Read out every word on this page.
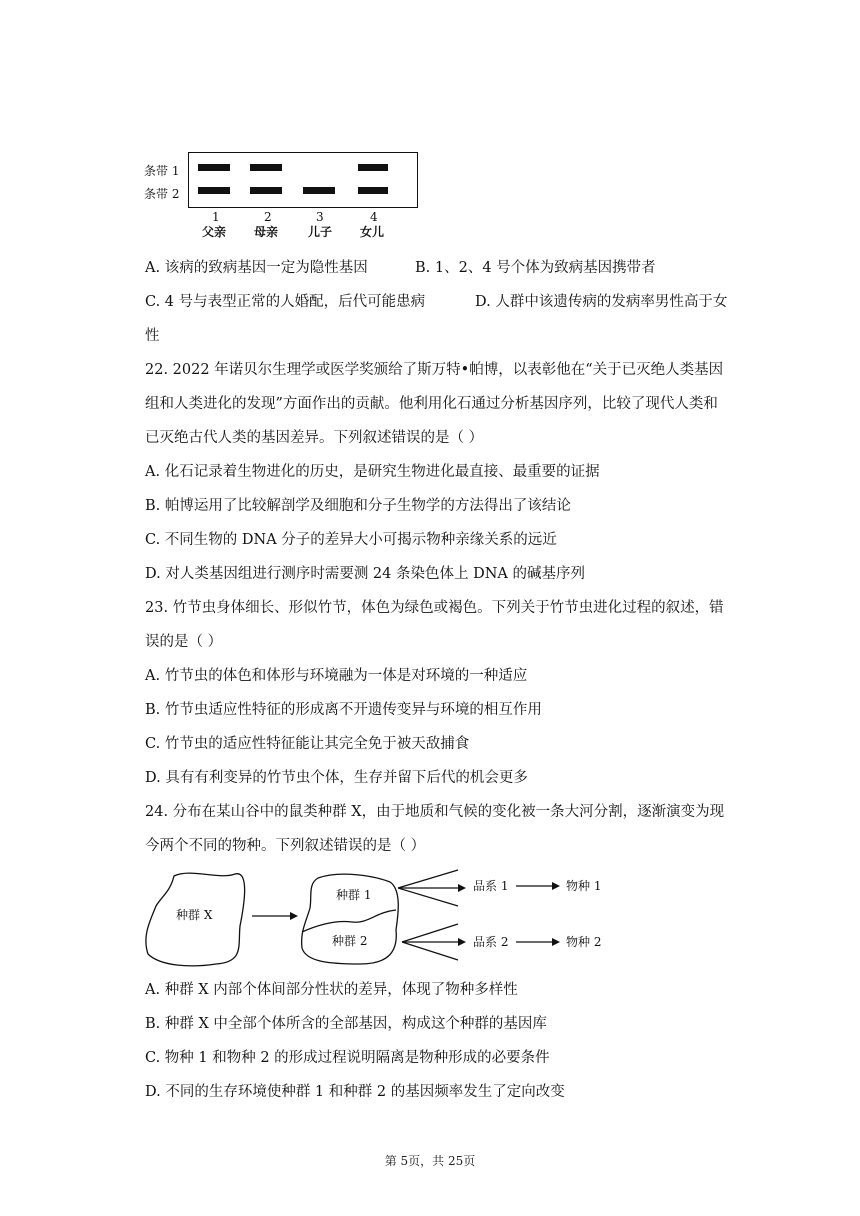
条带 1
条带 2
1	2	3	4
父亲 母亲 儿子 女儿
A. 该病的致病基因一定为隐性基因	B. 1、2、4 号个体为致病基因携带者
C. 4 号与表型正常的人婚配，后代可能患病	D. 人群中该遗传病的发病率男性高于女
性
22. 2022 年诺贝尔生理学或医学奖颁给了斯万特•帕博，以表彰他在“关于已灭绝人类基因
组和人类进化的发现”方面作出的贡献。他利用化石通过分析基因序列，比较了现代人类和
已灭绝古代人类的基因差异。下列叙述错误的是（ ）
A. 化石记录着生物进化的历史，是研究生物进化最直接、最重要的证据
B. 帕博运用了比较解剖学及细胞和分子生物学的方法得出了该结论
C. 不同生物的 DNA 分子的差异大小可揭示物种亲缘关系的远近
D. 对人类基因组进行测序时需要测 24 条染色体上 DNA 的碱基序列
23. 竹节虫身体细长、形似竹节，体色为绿色或褐色。下列关于竹节虫进化过程的叙述，错
误的是（ ）
A. 竹节虫的体色和体形与环境融为一体是对环境的一种适应
B. 竹节虫适应性特征的形成离不开遗传变异与环境的相互作用
C. 竹节虫的适应性特征能让其完全免于被天敌捕食
D. 具有有利变异的竹节虫个体，生存并留下后代的机会更多
24. 分布在某山谷中的鼠类种群 X，由于地质和气候的变化被一条大河分割，逐渐演变为现
今两个不同的物种。下列叙述错误的是（ ）
种群 X
种群 1
种群 2
品系 1
品系 2
物种 1
物种 2
A. 种群 X 内部个体间部分性状的差异，体现了物种多样性
B. 种群 X 中全部个体所含的全部基因，构成这个种群的基因库
C. 物种 1 和物种 2 的形成过程说明隔离是物种形成的必要条件
D. 不同的生存环境使种群 1 和种群 2 的基因频率发生了定向改变
第 5页，共 25页
